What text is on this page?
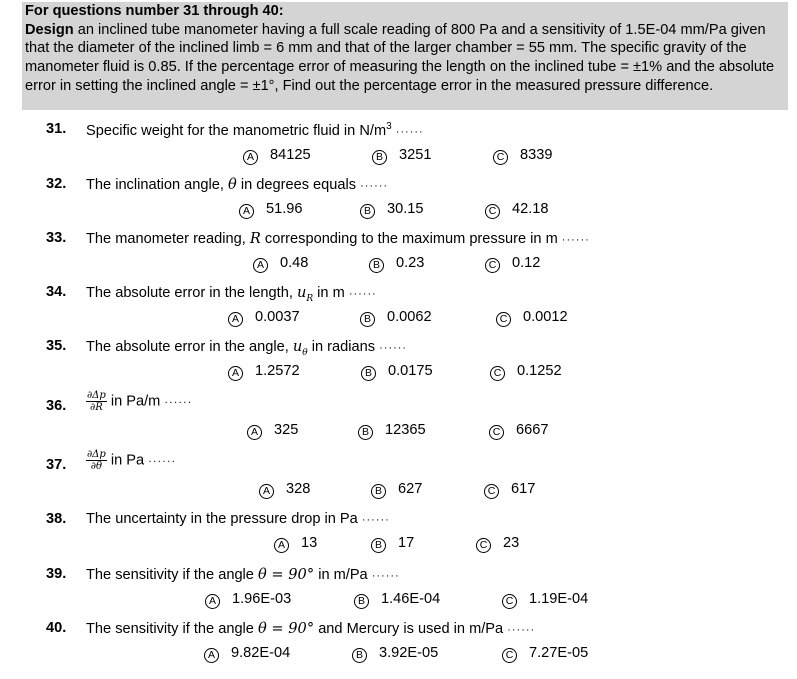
For questions number 31 through 40:
Design an inclined tube manometer having a full scale reading of 800 Pa and a sensitivity of 1.5E-04 mm/Pa given that the diameter of the inclined limb = 6 mm and that of the larger chamber = 55 mm. The specific gravity of the manometer fluid is 0.85. If the percentage error of measuring the length on the inclined tube = ±1% and the absolute error in setting the inclined angle = ±1°, Find out the percentage error in the measured pressure difference.
31. Specific weight for the manometric fluid in $N/m^3$ ······
A 84125	B 3251	C 8339
32. The inclination angle, θ in degrees equals ······
A 51.96	B 30.15	C 42.18
33. The manometer reading, R corresponding to the maximum pressure in m ······
A 0.48	B 0.23	C 0.12
34. The absolute error in the length, $u_R$ in m ······
A 0.0037	B 0.0062	C 0.0012
35. The absolute error in the angle, $u_\theta$ in radians ······
A 1.2572	B 0.0175	C 0.1252
36. $\frac{\partial\Delta p}{\partial R}$ in Pa/m ······
A 325	B 12365	C 6667
37. $\frac{\partial\Delta p}{\partial\theta}$ in Pa ······
A 328	B 627	C 617
38. The uncertainty in the pressure drop in Pa ······
A 13	B 17	C 23
39. The sensitivity if the angle θ = 90° in m/Pa ······
A 1.96E-03	B 1.46E-04	C 1.19E-04
40. The sensitivity if the angle θ = 90° and Mercury is used in m/Pa ······
A 9.82E-04	B 3.92E-05	C 7.27E-05
